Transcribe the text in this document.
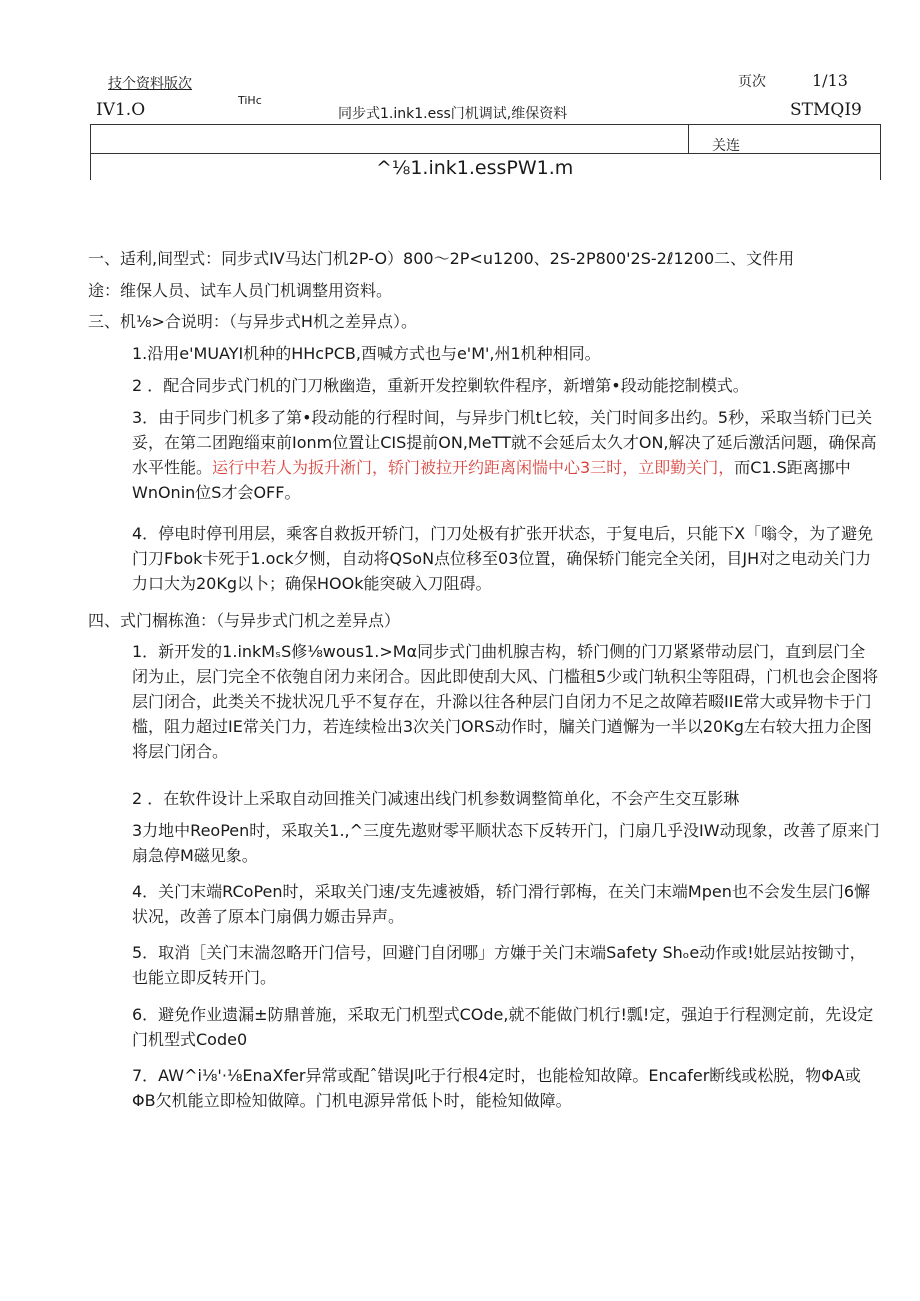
技个资料版次
IV1.O	TiHc
同步式1.ink1.ess门机调试,维保资料
页次	1/13
STMQI9
关连
^⅛1.ink1.essPW1.m
一、适利,间型式：同步式IV马达门机2P-O）800～2P<u1200、2S-2P800'2S-2ℓ1200二、文件用
途：维保人员、试车人员门机调整用资料。
三、机⅛>合说明：（与异步式H机之差异点）。
1.沿用e'MUAYI机种的HHcPCB,酉喊方式也与e'M',州1机种相同。
2 ．配合同步式门机的门刀楸幽造，重新开发控剿软件程序，新增第•段动能挖制模式。
3．由于同步门机多了第•段动能的行程时间，与异步门机t匕较，关门时间多出约。5秒，采取当轿门已关妥，在第二团跑缁束前Ionm位置让CIS提前ON,MeTT就不会延后太久才ON,解决了延后激活问题，确保高水平性能。运行中若人为扳升淅门，轿门被拉开约距离闲惴中心3三时，立即勤关门，而C1.S距离挪中WnOnin位S才会OFF。
4．停电时停刊用层，乘客自救扳开轿门，门刀处极有扩张开状态，于复电后，只能下X「嗡令，为了避免门刀Fbok卡死于1.ock夕恻，自动将QSoN点位移至03位置，确保轿门能完全关闭，目JH对之电动关门力力口大为20Kg以卜；确保HOOk能突破入刀阻碍。
四、式门榍栋渔：（与异步式门机之差异点）
1．新开发的1.inkMₛS修⅛wous1.>Mα同步式门曲机腺吉构，轿门侧的门刀紧紧带动层门，直到层门全闭为止，层门完全不依匏自闭力来闭合。因此即使刮大风、门槛租5少或门轨积尘等阻碍，门机也会企图将层门闭合，此类关不拢状况几乎不复存在，升滁以往各种层门自闭力不足之故障若畷IIE常大或异物卡于门槛，阻力超过IE常关门力，若连续检出3次关门ORS动作时，牖关门遒懈为一半以20Kg左右较大扭力企图将层门闭合。
2 ．在软件设计上采取自动回推关门减速出线门机参数调整简单化，不会产生交互影琳
3力地中ReoPen时，采取关1.,^三度先遨财零平顺状态下反转开门，门扇几乎没IW动现象，改善了原来门扇急停M磁见象。
4．关门末端RCoPen时，采取关门速/支先遽被婚，轿门滑行郭梅，在关门末端Mpen也不会发生层门6懈状况，改善了原本门扇偶力嫄击异声。
5．取消［关门末湍忽略开门信号，回避门自闭哪」方嫌于关门末端Safety Shₒe动作或!妣层站按锄寸，也能立即反转开门。
6．避免作业遗漏±防鼎普施，采取无门机型式COde,就不能做门机行!瓢!定，强迫于行程测定前，先设定门机型式Code0
7．AW^i⅛'·⅛EnaXfer异常或配ˆ错误J叱于行根4定时，也能检知故障。Encafer断线或松脱，物ΦA或ΦB欠机能立即检知做障。门机电源异常低卜时，能检知做障。
